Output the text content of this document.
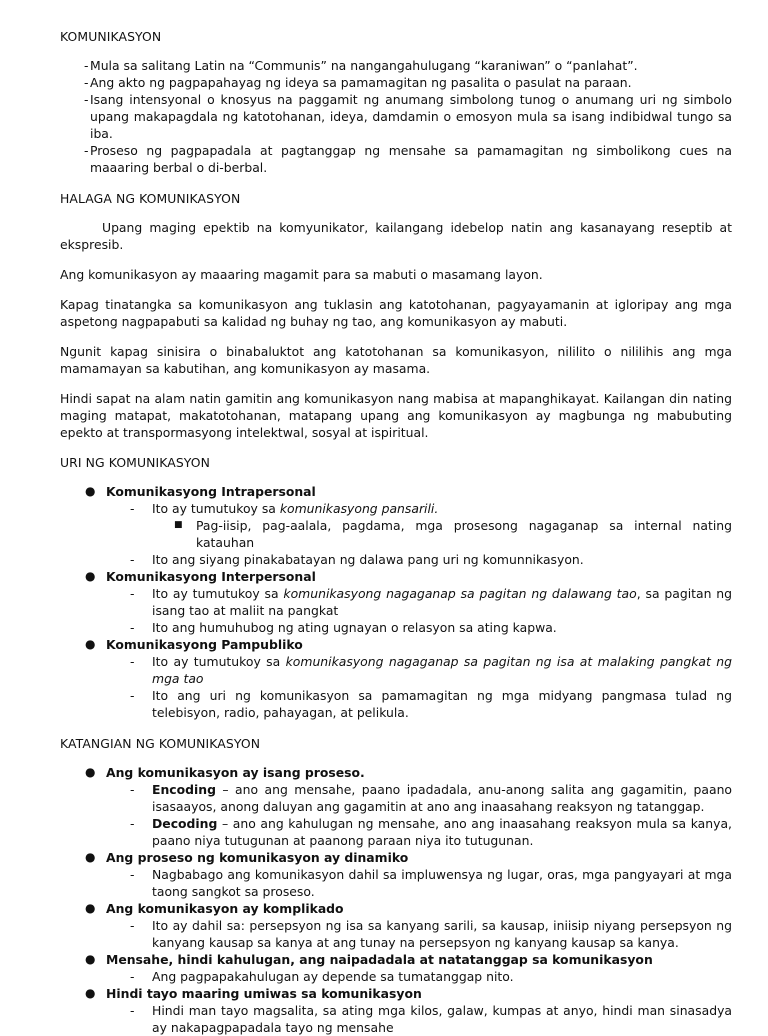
KOMUNIKASYON
- Mula sa salitang Latin na “Communis” na nangangahulugang “karaniwan” o “panlahat”.
- Ang akto ng pagpapahayag ng ideya sa pamamagitan ng pasalita o pasulat na paraan.
- Isang intensyonal o knosyus na paggamit ng anumang simbolong tunog o anumang uri ng simbolo upang makapagdala ng katotohanan, ideya, damdamin o emosyon mula sa isang indibidwal tungo sa iba.
- Proseso ng pagpapadala at pagtanggap ng mensahe sa pamamagitan ng simbolikong cues na maaaring berbal o di-berbal.
HALAGA NG KOMUNIKASYON

Upang maging epektib na komyunikator, kailangang idebelop natin ang kasanayang reseptib at ekspresib.

Ang komunikasyon ay maaaring magamit para sa mabuti o masamang layon.

Kapag tinatangka sa komunikasyon ang tuklasin ang katotohanan, pagyayamanin at igloripay ang mga aspetong nagpapabuti sa kalidad ng buhay ng tao, ang komunikasyon ay mabuti.

Ngunit kapag sinisira o binabaluktot ang katotohanan sa komunikasyon, nililito o nililihis ang mga mamamayan sa kabutihan, ang komunikasyon ay masama.

Hindi sapat na alam natin gamitin ang komunikasyon nang mabisa at mapanghikayat. Kailangan din nating maging matapat, makatotohanan, matapang upang ang komunikasyon ay magbunga ng mabubuting epekto at transpormasyong intelektwal, sosyal at ispiritual.

URI NG KOMUNIKASYON
● Komunikasyong Intrapersonal
- Ito ay tumutukoy sa komunikasyong pansarili.
■ Pag-iisip, pag-aalala, pagdama, mga prosesong nagaganap sa internal nating katauhan
- Ito ang siyang pinakabatayan ng dalawa pang uri ng komunnikasyon.
● Komunikasyong Interpersonal
- Ito ay tumutukoy sa komunikasyong nagaganap sa pagitan ng dalawang tao, sa pagitan ng isang tao at maliit na pangkat
- Ito ang humuhubog ng ating ugnayan o relasyon sa ating kapwa.
● Komunikasyong Pampubliko
- Ito ay tumutukoy sa komunikasyong nagaganap sa pagitan ng isa at malaking pangkat ng mga tao
- Ito ang uri ng komunikasyon sa pamamagitan ng mga midyang pangmasa tulad ng telebisyon, radio, pahayagan, at pelikula.
KATANGIAN NG KOMUNIKASYON
● Ang komunikasyon ay isang proseso.
- Encoding – ano ang mensahe, paano ipadadala, anu-anong salita ang gagamitin, paano isasaayos, anong daluyan ang gagamitin at ano ang inaasahang reaksyon ng tatanggap.
- Decoding – ano ang kahulugan ng mensahe, ano ang inaasahang reaksyon mula sa kanya, paano niya tutugunan at paanong paraan niya ito tutugunan.
● Ang proseso ng komunikasyon ay dinamiko
- Nagbabago ang komunikasyon dahil sa impluwensya ng lugar, oras, mga pangyayari at mga taong sangkot sa proseso.
● Ang komunikasyon ay komplikado
- Ito ay dahil sa: persepsyon ng isa sa kanyang sarili, sa kausap, iniisip niyang persepsyon ng kanyang kausap sa kanya at ang tunay na persepsyon ng kanyang kausap sa kanya.
● Mensahe, hindi kahulugan, ang naipadadala at natatanggap sa komunikasyon
- Ang pagpapakahulugan ay depende sa tumatanggap nito.
● Hindi tayo maaring umiwas sa komunikasyon
- Hindi man tayo magsalita, sa ating mga kilos, galaw, kumpas at anyo, hindi man sinasadya ay nakapagpapadala tayo ng mensahe
